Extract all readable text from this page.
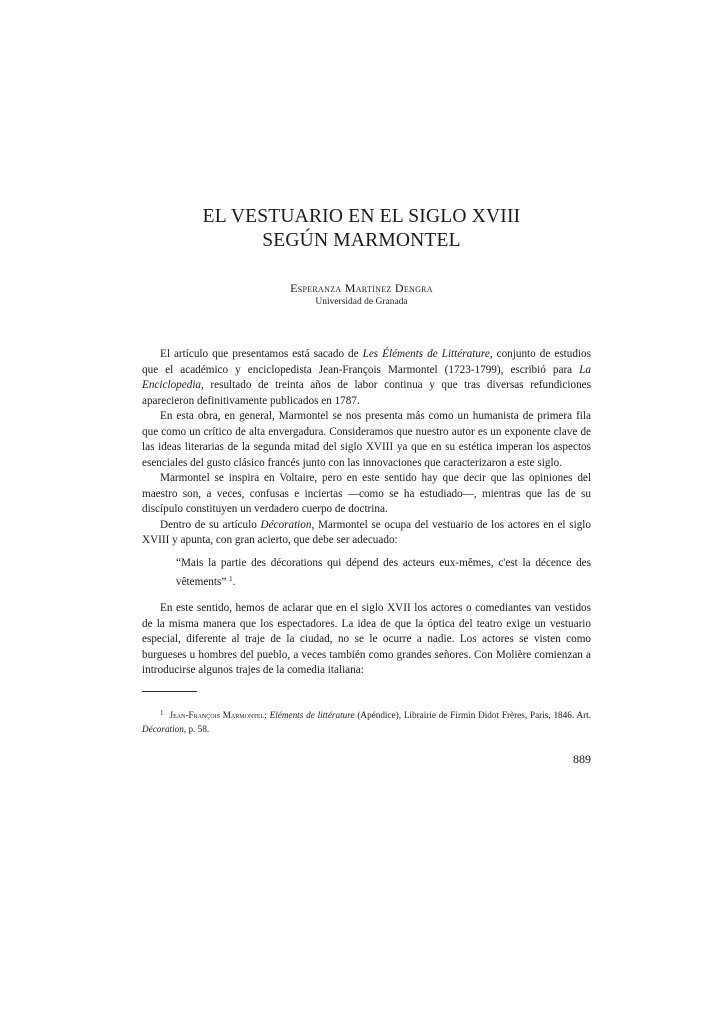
EL VESTUARIO EN EL SIGLO XVIII
SEGÚN MARMONTEL
Esperanza Martínez Dengra
Universidad de Granada

El artículo que presentamos está sacado de Les Éléments de Littérature, conjunto de estudios que el académico y enciclopedista Jean-François Marmontel (1723-1799), escribió para La Enciclopedia, resultado de treinta años de labor continua y que tras diversas refundiciones aparecieron definitivamente publicados en 1787.

En esta obra, en general, Marmontel se nos presenta más como un humanista de primera fila que como un crítico de alta envergadura. Consideramos que nuestro autor es un exponente clave de las ideas literarias de la segunda mitad del siglo XVIII ya que en su estética imperan los aspectos esenciales del gusto clásico francés junto con las innovaciones que caracterizaron a este siglo.

Marmontel se inspira en Voltaire, pero en este sentido hay que decir que las opiniones del maestro son, a veces, confusas e inciertas —como se ha estudiado—, mientras que las de su discípulo constituyen un verdadero cuerpo de doctrina.

Dentro de su artículo Décoration, Marmontel se ocupa del vestuario de los actores en el siglo XVIII y apunta, con gran acierto, que debe ser adecuado:

“Mais la partie des décorations qui dépend des acteurs eux-mêmes, c'est la décence des vêtements” $^1$.

En este sentido, hemos de aclarar que en el siglo XVII los actores o comediantes van vestidos de la misma manera que los espectadores. La idea de que la óptica del teatro exige un vestuario especial, diferente al traje de la ciudad, no se le ocurre a nadie. Los actores se visten como burgueses u hombres del pueblo, a veces también como grandes señores. Con Molière comienzan a introducirse algunos trajes de la comedia italiana:

$^1$ Jean-François Marmontel: Eléments de littérature (Apéndice), Librairie de Firmin Didot Frères, Paris, 1846. Art. Décoration, p. 58.

889
